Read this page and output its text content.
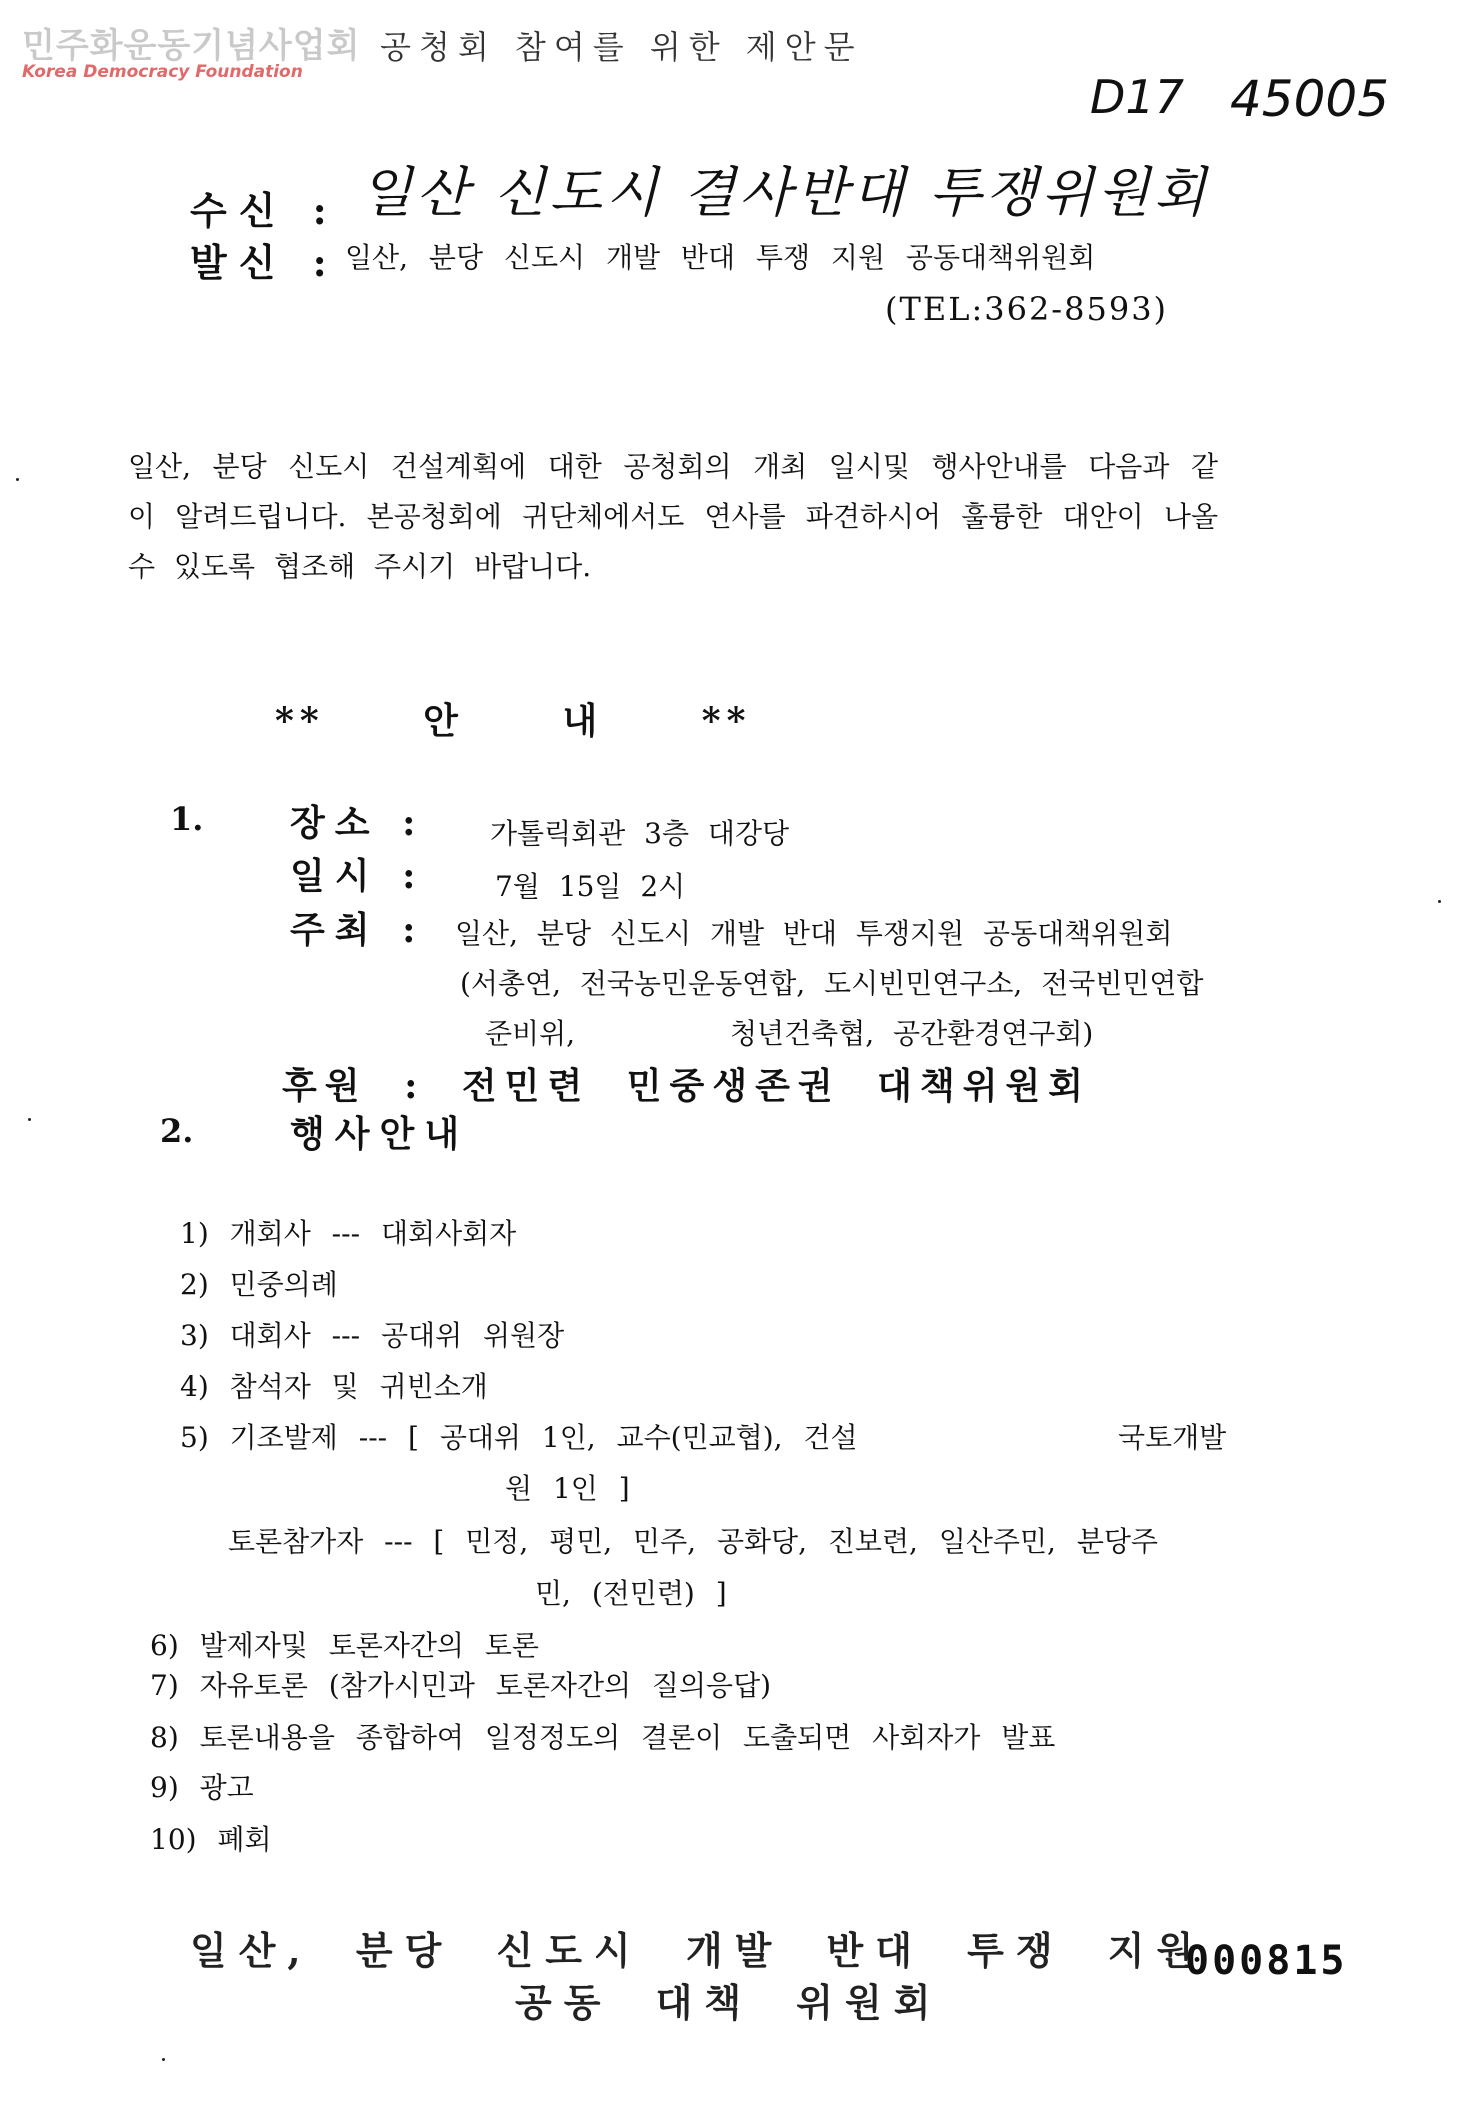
민주화운동기념사업회
Korea Democracy Foundation
공청회 참여를 위한 제안문
D17 45005
수신 : 일산 신도시 결사반대 투쟁위원회
발신 : 일산, 분당 신도시 개발 반대 투쟁 지원 공동대책위원회
(TEL:362-8593)
일산, 분당 신도시 건설계획에 대한 공청회의 개최 일시및 행사안내를 다음과 같이 알려드립니다. 본공청회에 귀단체에서도 연사를 파견하시어 훌륭한 대안이 나올수 있도록 협조해 주시기 바랍니다.
** 안 내 **
1. 장소 : 가톨릭회관 3층 대강당
일시 : 7월 15일 2시
주최 : 일산, 분당 신도시 개발 반대 투쟁지원 공동대책위원회
(서총연, 전국농민운동연합, 도시빈민연구소, 전국빈민연합
준비위,	청년건축협, 공간환경연구회)
후원 : 전민련 민중생존권 대책위원회
2.	행사안내
1) 개회사 --- 대회사회자
2) 민중의례
3) 대회사 --- 공대위 위원장
4) 참석자 및 귀빈소개
5) 기조발제 --- [ 공대위 1인, 교수(민교협), 건설	국토개발
원 1인 ]
토론참가자 --- [ 민정, 평민, 민주, 공화당, 진보련, 일산주민, 분당주
민, (전민련) ]
6) 발제자및 토론자간의 토론
7) 자유토론 (참가시민과 토론자간의 질의응답)
8) 토론내용을 종합하여 일정정도의 결론이 도출되면 사회자가 발표
9) 광고
10) 폐회
일산, 분당 신도시 개발 반대 투쟁 지원
공동 대책 위원회
000815
